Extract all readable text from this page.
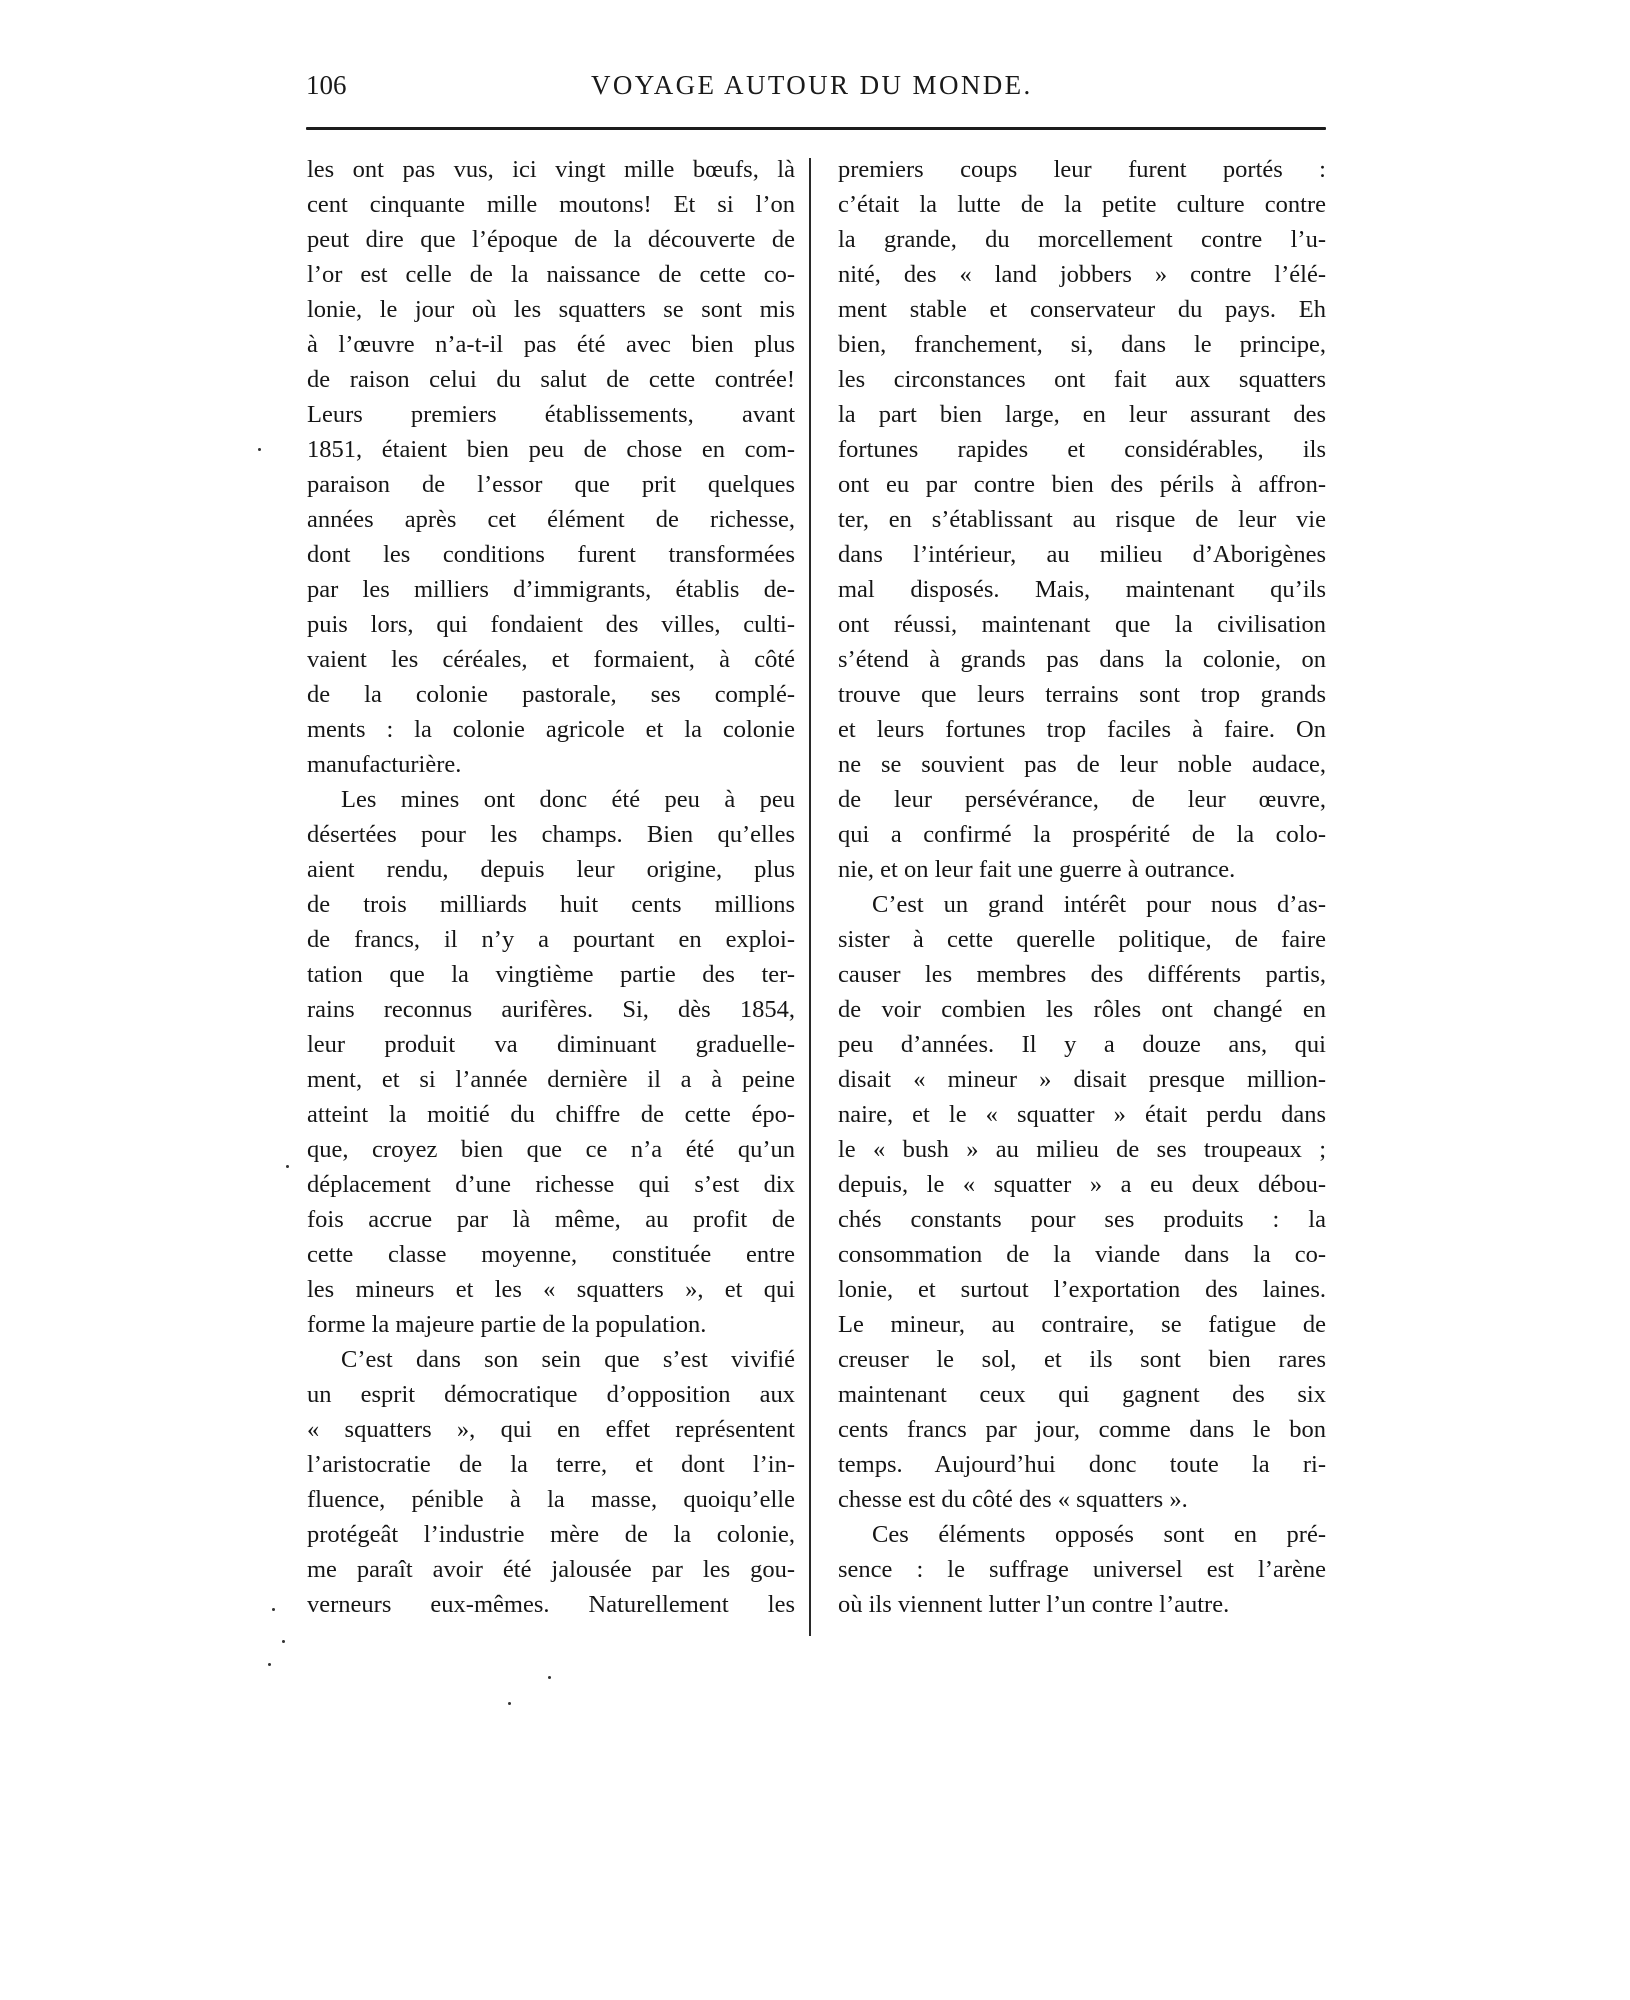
106	VOYAGE AUTOUR DU MONDE.
les ont pas vus, ici vingt mille bœufs, là
cent cinquante mille moutons! Et si l’on
peut dire que l’époque de la découverte de
l’or est celle de la naissance de cette co-
lonie, le jour où les squatters se sont mis
à l’œuvre n’a-t-il pas été avec bien plus
de raison celui du salut de cette contrée!
Leurs premiers établissements, avant
1851, étaient bien peu de chose en com-
paraison de l’essor que prit quelques
années après cet élément de richesse,
dont les conditions furent transformées
par les milliers d’immigrants, établis de-
puis lors, qui fondaient des villes, culti-
vaient les céréales, et formaient, à côté
de la colonie pastorale, ses complé-
ments : la colonie agricole et la colonie
manufacturière.
Les mines ont donc été peu à peu
désertées pour les champs. Bien qu’elles
aient rendu, depuis leur origine, plus
de trois milliards huit cents millions
de francs, il n’y a pourtant en exploi-
tation que la vingtième partie des ter-
rains reconnus aurifères. Si, dès 1854,
leur produit va diminuant graduelle-
ment, et si l’année dernière il a à peine
atteint la moitié du chiffre de cette épo-
que, croyez bien que ce n’a été qu’un
déplacement d’une richesse qui s’est dix
fois accrue par là même, au profit de
cette classe moyenne, constituée entre
les mineurs et les « squatters », et qui
forme la majeure partie de la population.
C’est dans son sein que s’est vivifié
un esprit démocratique d’opposition aux
« squatters », qui en effet représentent
l’aristocratie de la terre, et dont l’in-
fluence, pénible à la masse, quoiqu’elle
protégeât l’industrie mère de la colonie,
me paraît avoir été jalousée par les gou-
verneurs eux-mêmes. Naturellement les
premiers coups leur furent portés :
c’était la lutte de la petite culture contre
la grande, du morcellement contre l’u-
nité, des « land jobbers » contre l’élé-
ment stable et conservateur du pays. Eh
bien, franchement, si, dans le principe,
les circonstances ont fait aux squatters
la part bien large, en leur assurant des
fortunes rapides et considérables, ils
ont eu par contre bien des périls à affron-
ter, en s’établissant au risque de leur vie
dans l’intérieur, au milieu d’Aborigènes
mal disposés. Mais, maintenant qu’ils
ont réussi, maintenant que la civilisation
s’étend à grands pas dans la colonie, on
trouve que leurs terrains sont trop grands
et leurs fortunes trop faciles à faire. On
ne se souvient pas de leur noble audace,
de leur persévérance, de leur œuvre,
qui a confirmé la prospérité de la colo-
nie, et on leur fait une guerre à outrance.
C’est un grand intérêt pour nous d’as-
sister à cette querelle politique, de faire
causer les membres des différents partis,
de voir combien les rôles ont changé en
peu d’années. Il y a douze ans, qui
disait « mineur » disait presque million-
naire, et le « squatter » était perdu dans
le « bush » au milieu de ses troupeaux ;
depuis, le « squatter » a eu deux débou-
chés constants pour ses produits : la
consommation de la viande dans la co-
lonie, et surtout l’exportation des laines.
Le mineur, au contraire, se fatigue de
creuser le sol, et ils sont bien rares
maintenant ceux qui gagnent des six
cents francs par jour, comme dans le bon
temps. Aujourd’hui donc toute la ri-
chesse est du côté des « squatters ».
Ces éléments opposés sont en pré-
sence : le suffrage universel est l’arène
où ils viennent lutter l’un contre l’autre.
